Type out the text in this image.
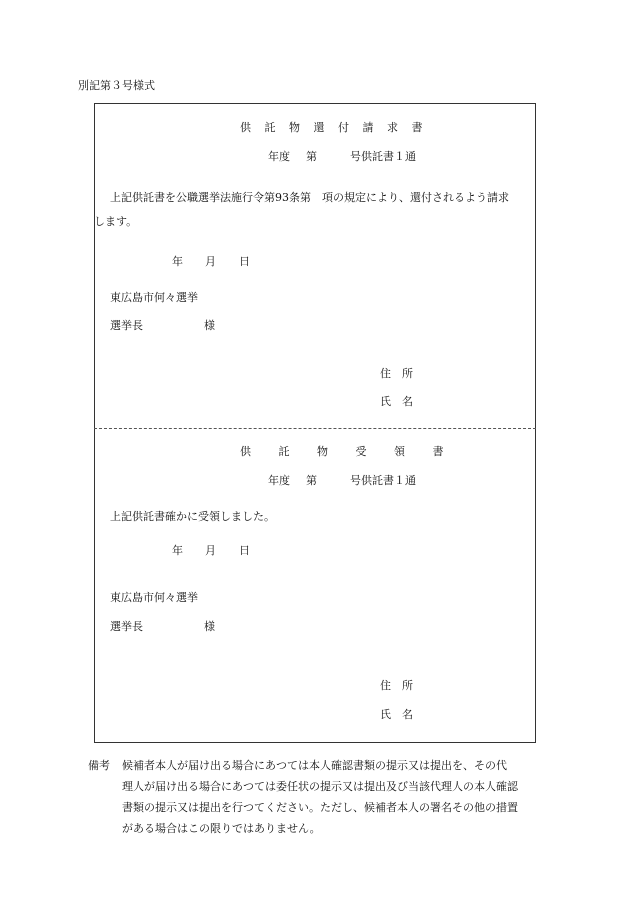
別記第３号様式
供 託 物 還 付 請 求 書
年度 第	号供託書１通
上記供託書を公職選挙法施行令第93条第　項の規定により、還付されるよう請求
します。
年 月 日
東広島市何々選挙
選挙長	様
住　所
氏　名
供 託 物 受 領 書
年度 第	号供託書１通
上記供託書確かに受領しました。
年 月 日
東広島市何々選挙
選挙長	様
住　所
氏　名
備考 候補者本人が届け出る場合にあつては本人確認書類の提示又は提出を、その代
理人が届け出る場合にあつては委任状の提示又は提出及び当該代理人の本人確認
書類の提示又は提出を行つてください。ただし、候補者本人の署名その他の措置
がある場合はこの限りではありません。
